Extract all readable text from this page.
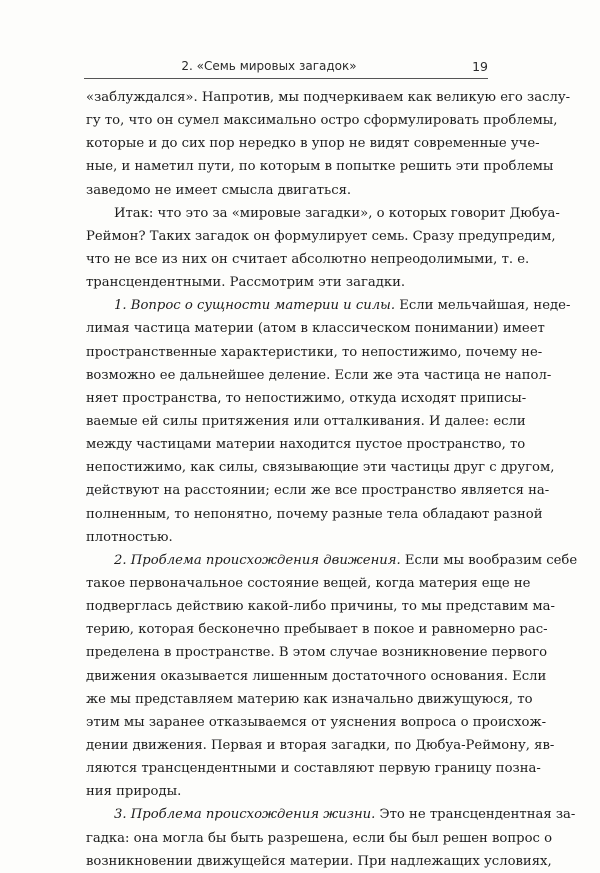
2. «Семь мировых загадок»	19
«заблуждался». Напротив, мы подчеркиваем как великую его заслу-
гу то, что он сумел максимально остро сформулировать проблемы,
которые и до сих пор нередко в упор не видят современные уче-
ные, и наметил пути, по которым в попытке решить эти проблемы
заведомо не имеет смысла двигаться.
Итак: что это за «мировые загадки», о которых говорит Дюбуа-
Реймон? Таких загадок он формулирует семь. Сразу предупредим,
что не все из них он считает абсолютно непреодолимыми, т. е.
трансцендентными. Рассмотрим эти загадки.
1. Вопрос о сущности материи и силы. Если мельчайшая, неде-
лимая частица материи (атом в классическом понимании) имеет
пространственные характеристики, то непостижимо, почему не-
возможно ее дальнейшее деление. Если же эта частица не напол-
няет пространства, то непостижимо, откуда исходят приписы-
ваемые ей силы притяжения или отталкивания. И далее: если
между частицами материи находится пустое пространство, то
непостижимо, как силы, связывающие эти частицы друг с другом,
действуют на расстоянии; если же все пространство является на-
полненным, то непонятно, почему разные тела обладают разной
плотностью.
2. Проблема происхождения движения. Если мы вообразим себе
такое первоначальное состояние вещей, когда материя еще не
подверглась действию какой-либо причины, то мы представим ма-
терию, которая бесконечно пребывает в покое и равномерно рас-
пределена в пространстве. В этом случае возникновение первого
движения оказывается лишенным достаточного основания. Если
же мы представляем материю как изначально движущуюся, то
этим мы заранее отказываемся от уяснения вопроса о происхож-
дении движения. Первая и вторая загадки, по Дюбуа-Реймону, яв-
ляются трансцендентными и составляют первую границу позна-
ния природы.
3. Проблема происхождения жизни. Это не трансцендентная за-
гадка: она могла бы быть разрешена, если бы был решен вопрос о
возникновении движущейся материи. При надлежащих условиях,
